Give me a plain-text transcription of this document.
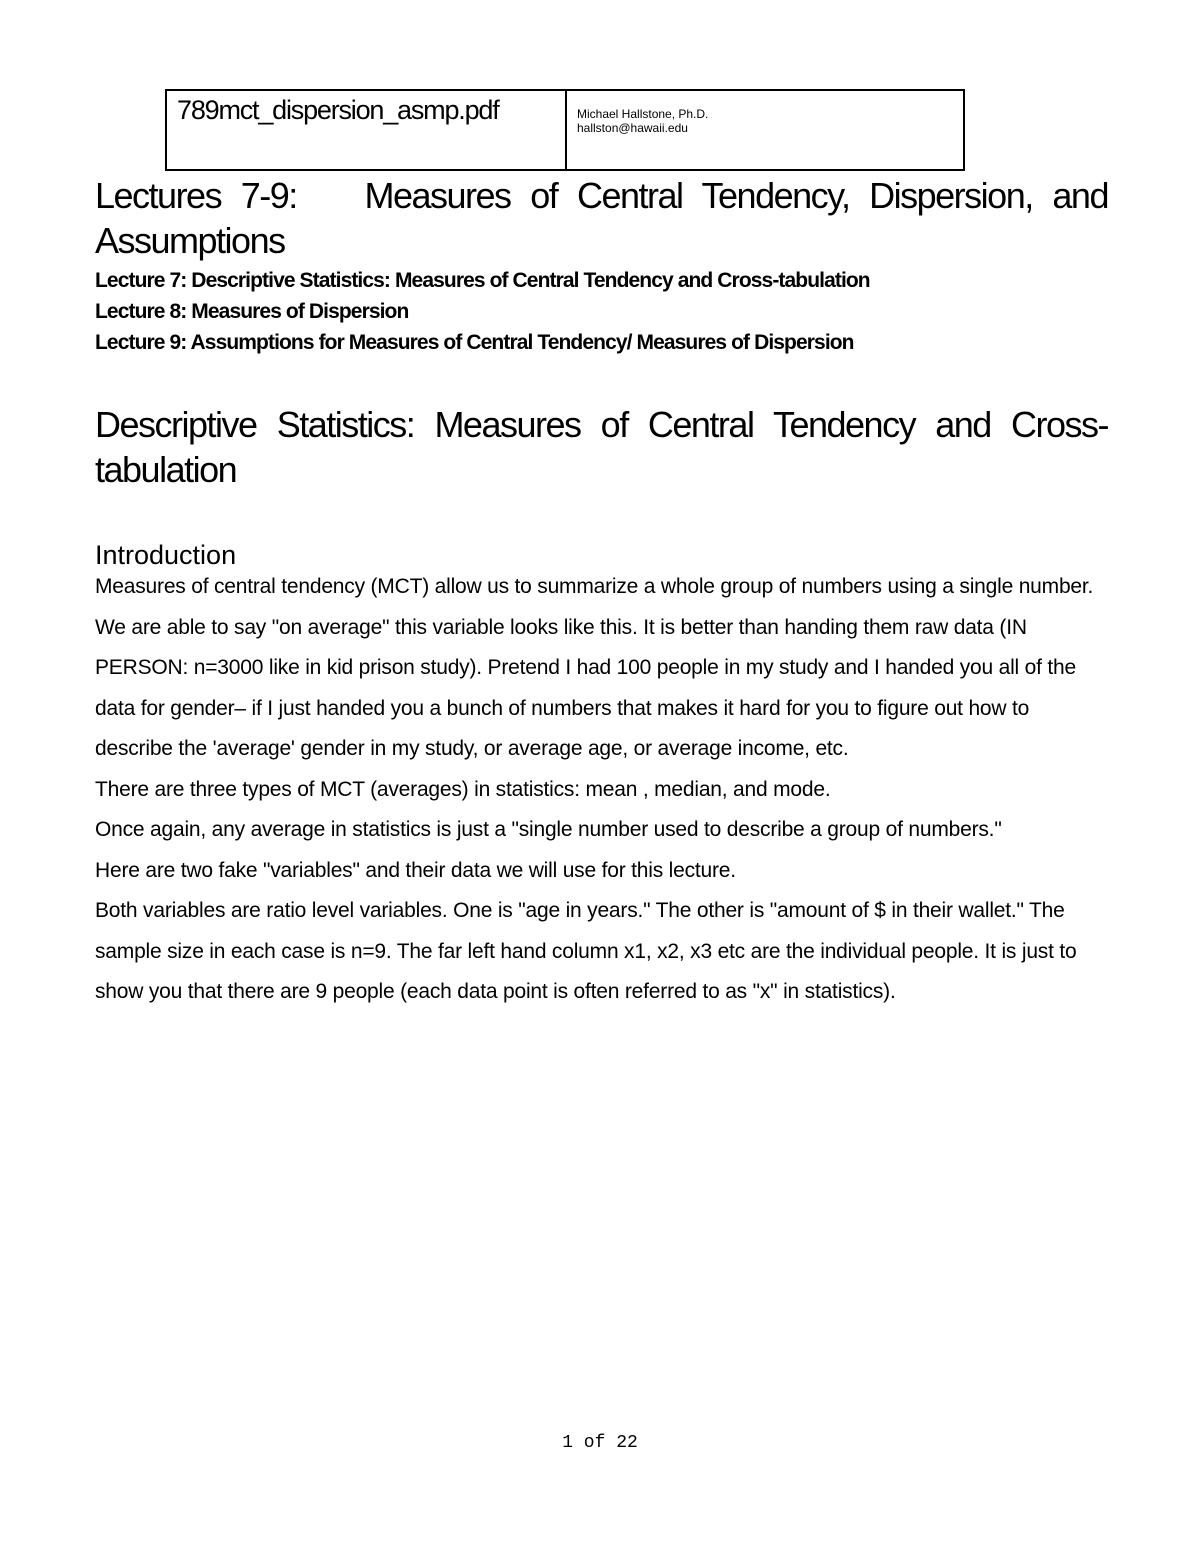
789mct_dispersion_asmp.pdf	Michael Hallstone, Ph.D.
hallston@hawaii.edu
Lectures 7-9: Measures of Central Tendency, Dispersion, and Assumptions
Lecture 7: Descriptive Statistics: Measures of Central Tendency and Cross-tabulation
Lecture 8: Measures of Dispersion
Lecture 9: Assumptions for Measures of Central Tendency/ Measures of Dispersion
Descriptive Statistics: Measures of Central Tendency and Cross-tabulation
Introduction

Measures of central tendency (MCT) allow us to summarize a whole group of numbers using a single number. We are able to say "on average" this variable looks like this. It is better than handing them raw data (IN PERSON: n=3000 like in kid prison study). Pretend I had 100 people in my study and I handed you all of the data for gender– if I just handed you a bunch of numbers that makes it hard for you to figure out how to describe the 'average' gender in my study, or average age, or average income, etc.

There are three types of MCT (averages) in statistics: mean , median, and mode.

Once again, any average in statistics is just a "single number used to describe a group of numbers."

Here are two fake "variables" and their data we will use for this lecture.

Both variables are ratio level variables. One is "age in years." The other is "amount of $ in their wallet." The sample size in each case is n=9. The far left hand column x1, x2, x3 etc are the individual people. It is just to show you that there are 9 people (each data point is often referred to as "x" in statistics).

1 of 22
